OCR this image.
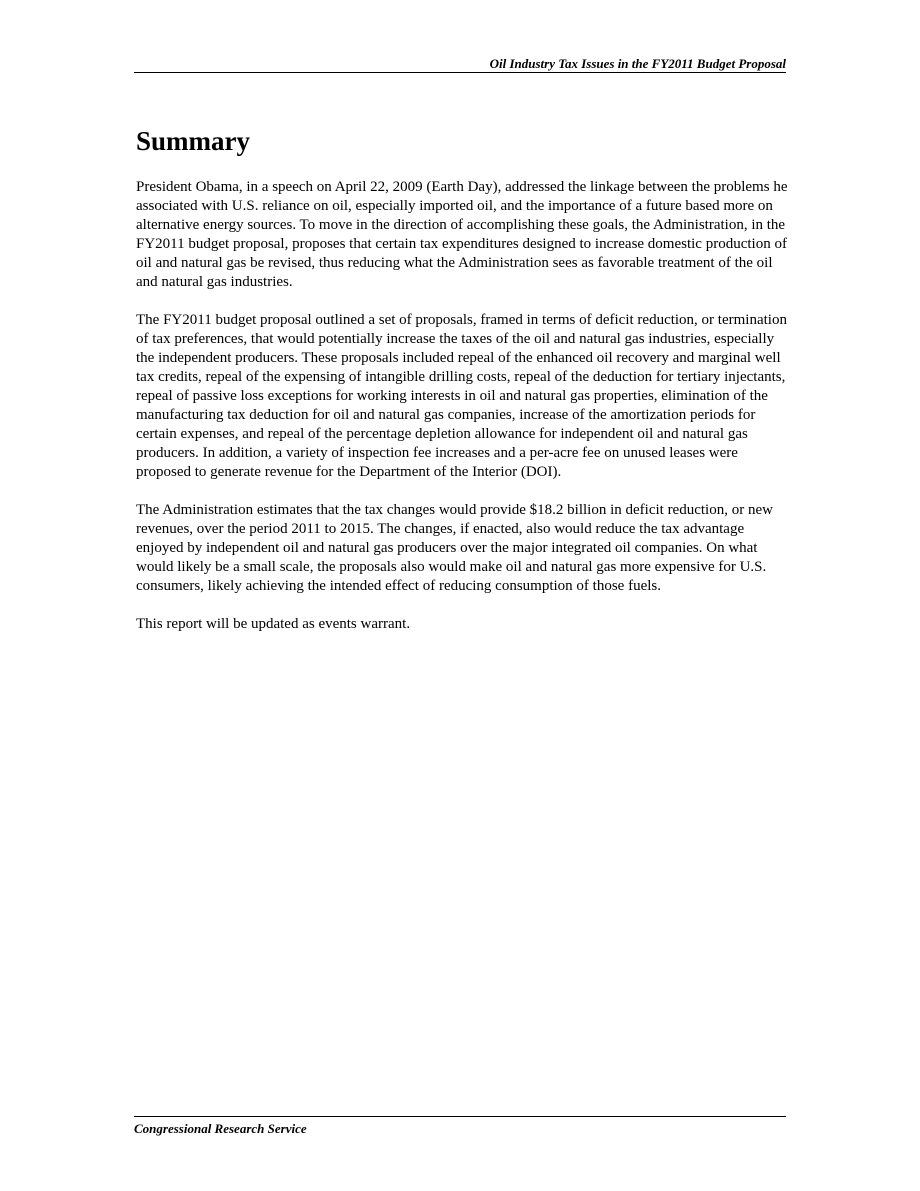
Oil Industry Tax Issues in the FY2011 Budget Proposal
Summary

President Obama, in a speech on April 22, 2009 (Earth Day), addressed the linkage between the problems he associated with U.S. reliance on oil, especially imported oil, and the importance of a future based more on alternative energy sources. To move in the direction of accomplishing these goals, the Administration, in the FY2011 budget proposal, proposes that certain tax expenditures designed to increase domestic production of oil and natural gas be revised, thus reducing what the Administration sees as favorable treatment of the oil and natural gas industries.

The FY2011 budget proposal outlined a set of proposals, framed in terms of deficit reduction, or termination of tax preferences, that would potentially increase the taxes of the oil and natural gas industries, especially the independent producers. These proposals included repeal of the enhanced oil recovery and marginal well tax credits, repeal of the expensing of intangible drilling costs, repeal of the deduction for tertiary injectants, repeal of passive loss exceptions for working interests in oil and natural gas properties, elimination of the manufacturing tax deduction for oil and natural gas companies, increase of the amortization periods for certain expenses, and repeal of the percentage depletion allowance for independent oil and natural gas producers. In addition, a variety of inspection fee increases and a per-acre fee on unused leases were proposed to generate revenue for the Department of the Interior (DOI).

The Administration estimates that the tax changes would provide $18.2 billion in deficit reduction, or new revenues, over the period 2011 to 2015. The changes, if enacted, also would reduce the tax advantage enjoyed by independent oil and natural gas producers over the major integrated oil companies. On what would likely be a small scale, the proposals also would make oil and natural gas more expensive for U.S. consumers, likely achieving the intended effect of reducing consumption of those fuels.

This report will be updated as events warrant.

Congressional Research Service
